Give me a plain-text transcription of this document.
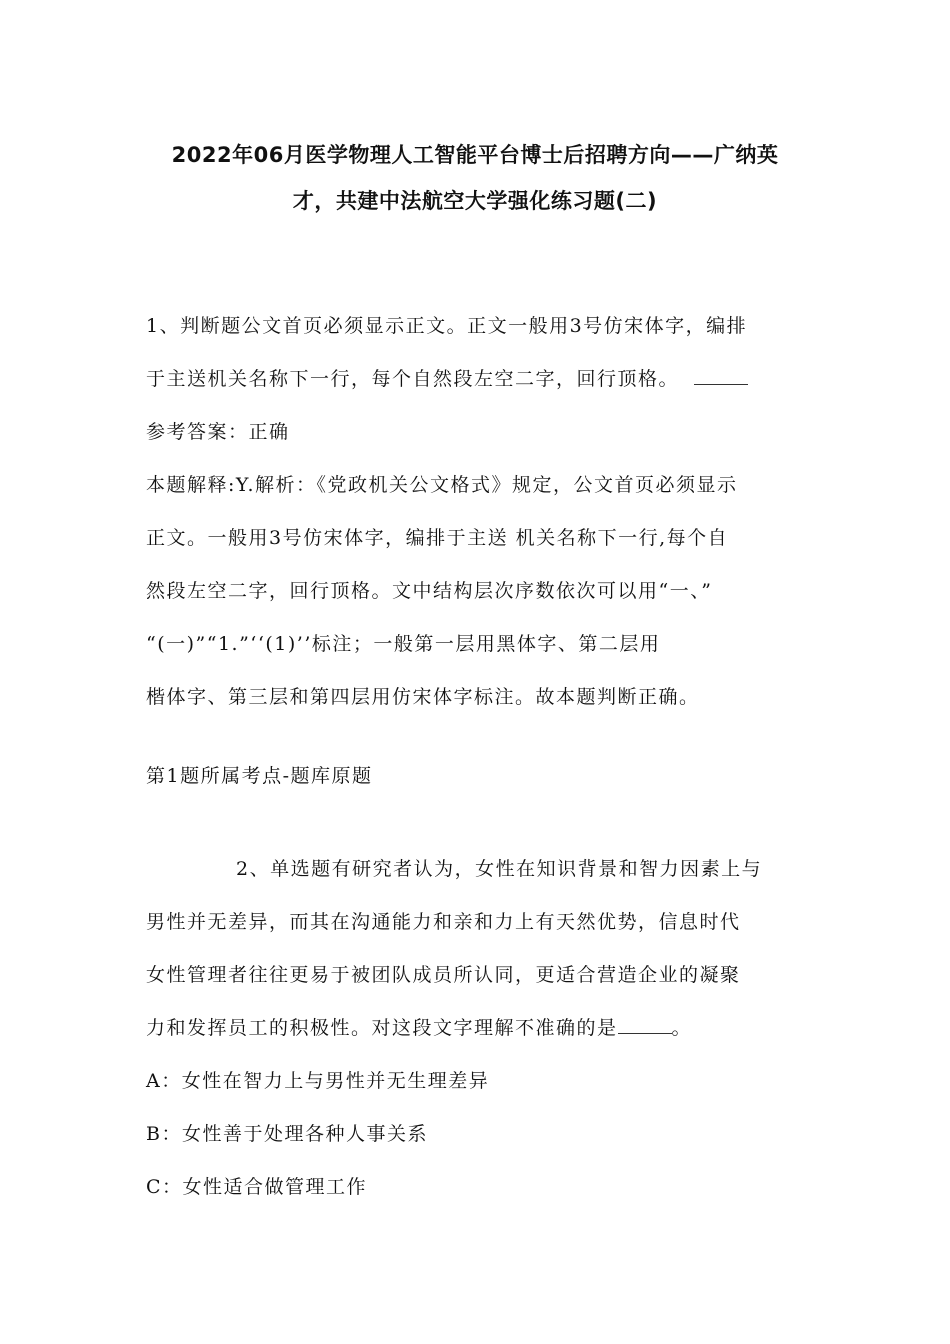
2022年06月医学物理人工智能平台博士后招聘方向——广纳英
才，共建中法航空大学强化练习题(二)
1、判断题公文首页必须显示正文。正文一般用3号仿宋体字，编排
于主送机关名称下一行，每个自然段左空二字，回行顶格。
参考答案：正确
本题解释:Y.解析：《党政机关公文格式》规定，公文首页必须显示
正文。一般用3号仿宋体字，编排于主送 机关名称下一行,每个自
然段左空二字，回行顶格。文中结构层次序数依次可以用“一、”
“(一)”“1.”‘‘(1)’’标注；一般第一层用黑体字、第二层用
楷体字、第三层和第四层用仿宋体字标注。故本题判断正确。
第1题所属考点-题库原题
2、单选题有研究者认为，女性在知识背景和智力因素上与
男性并无差异，而其在沟通能力和亲和力上有天然优势，信息时代
女性管理者往往更易于被团队成员所认同，更适合营造企业的凝聚
力和发挥员工的积极性。对这段文字理解不准确的是	。
A：女性在智力上与男性并无生理差异
B：女性善于处理各种人事关系
C：女性适合做管理工作
